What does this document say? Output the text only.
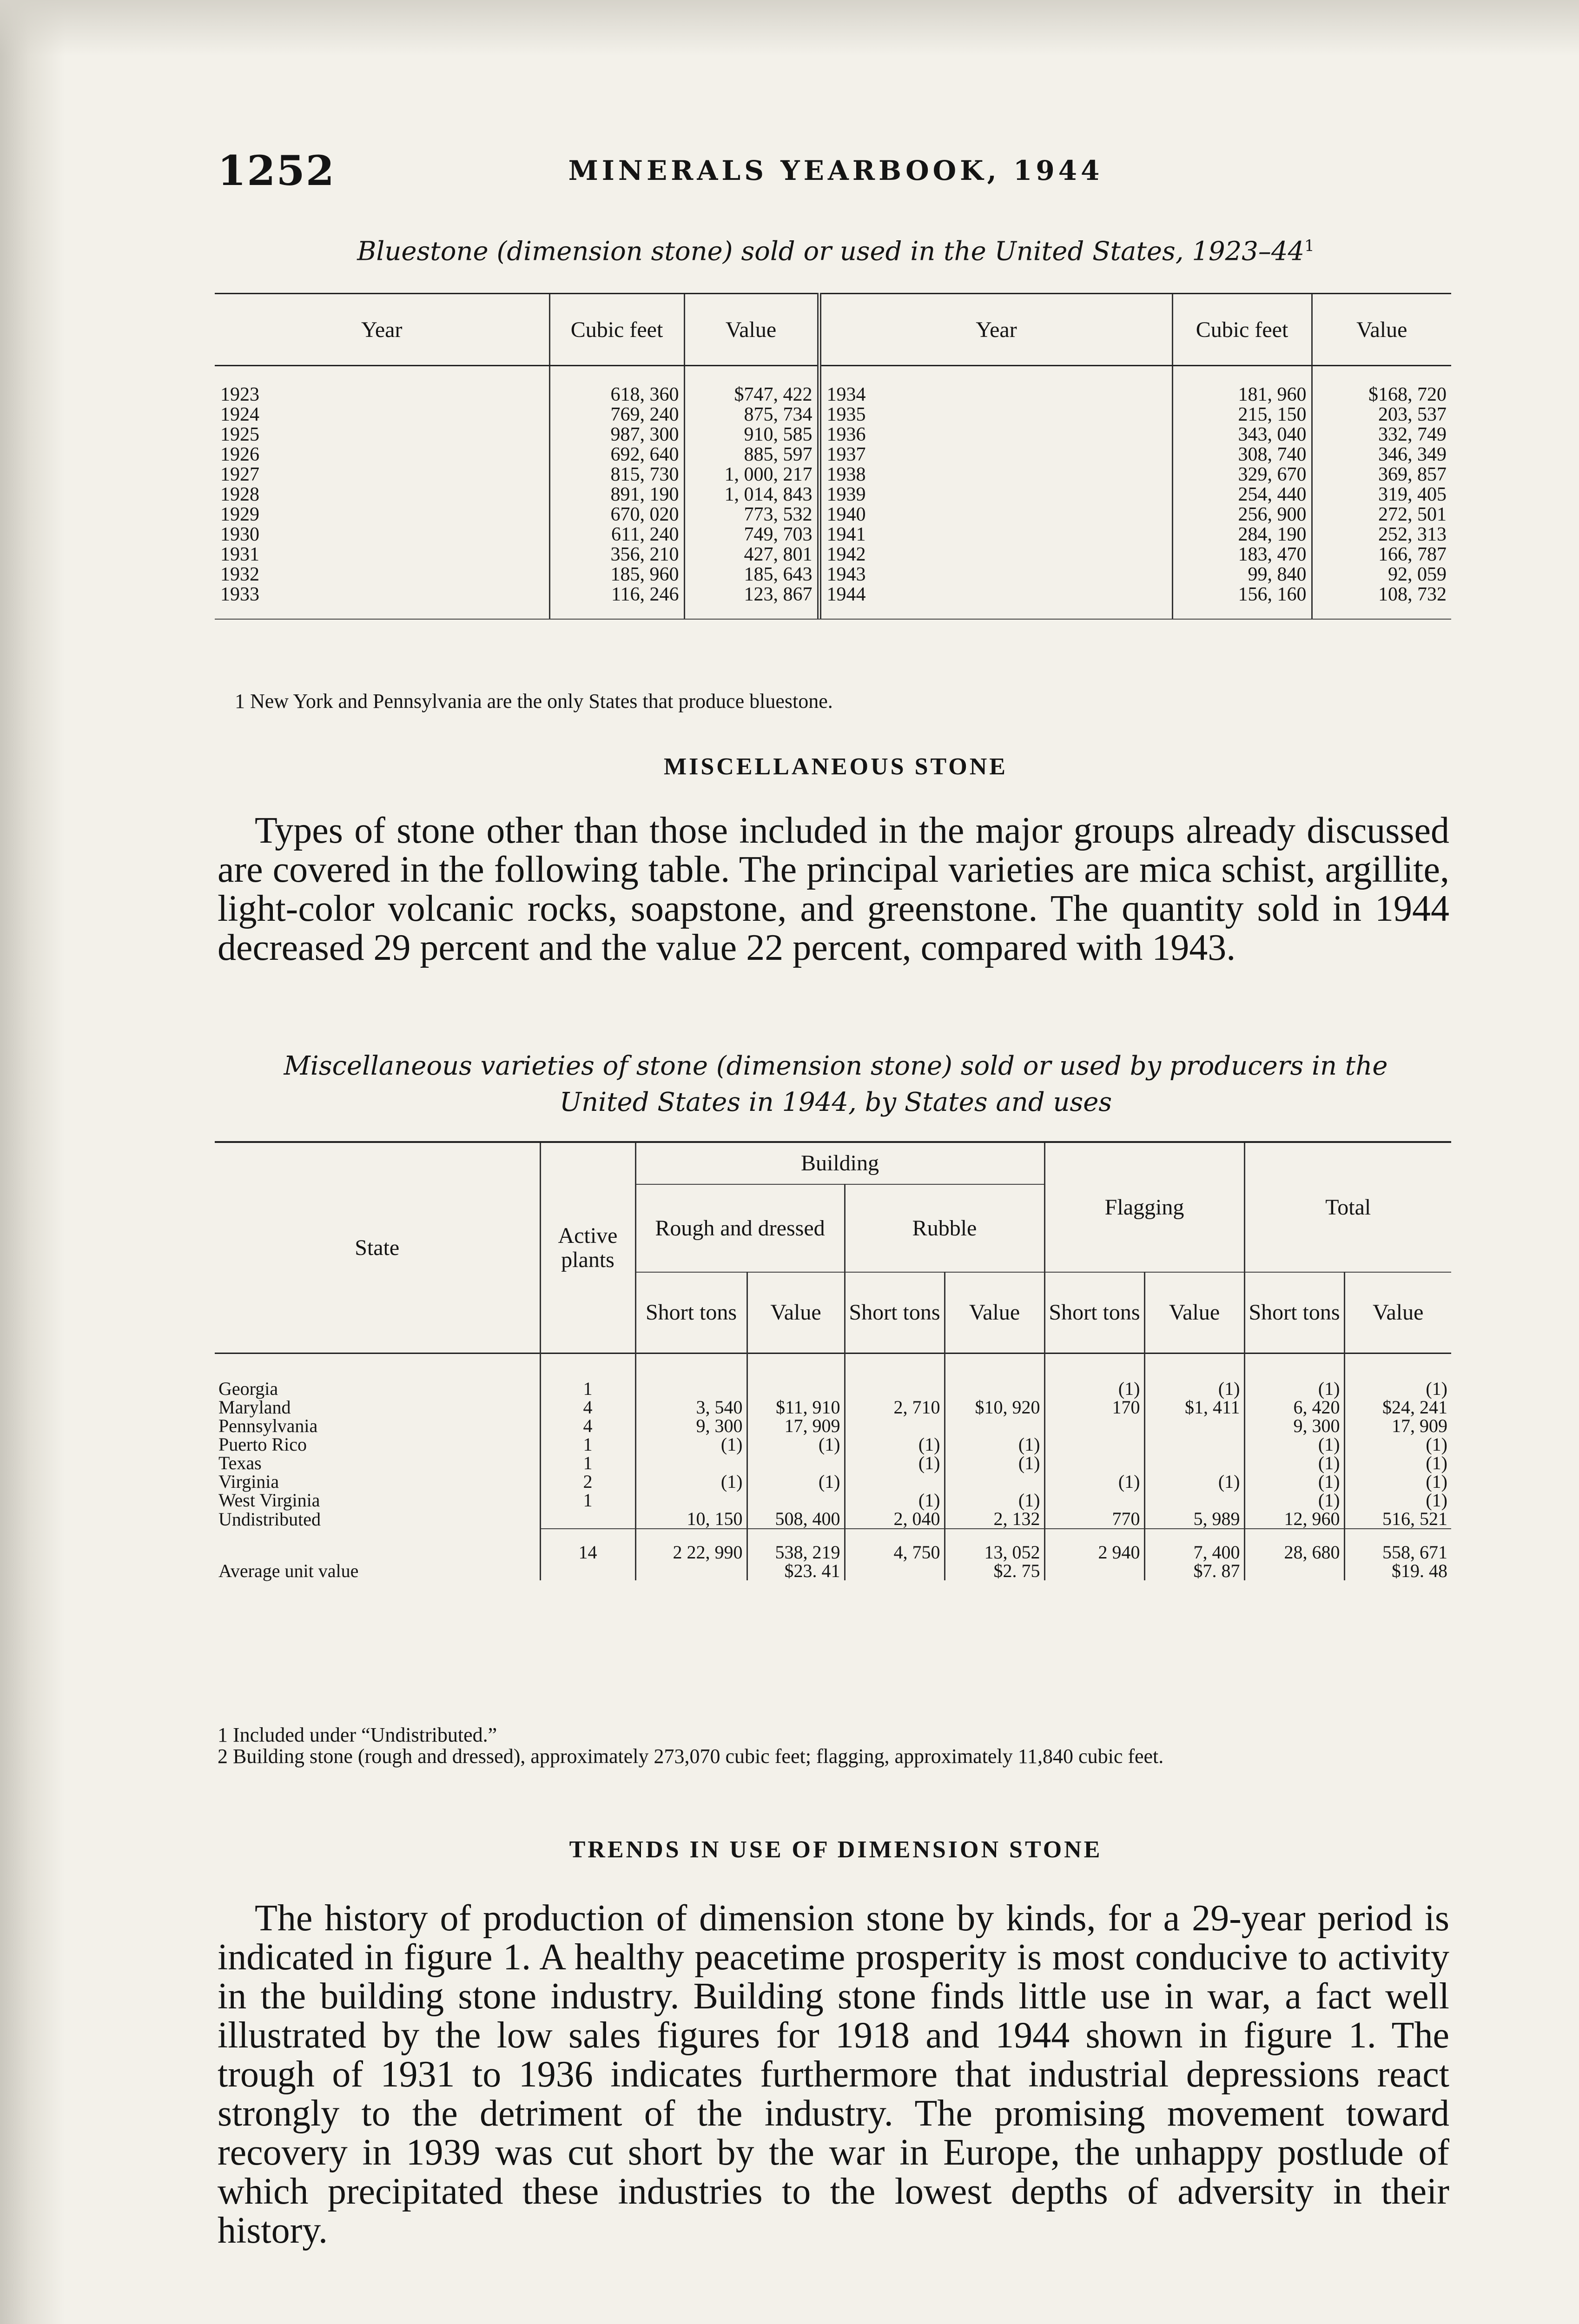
1252	MINERALS YEARBOOK, 1944
Bluestone (dimension stone) sold or used in the United States, $1923-44^1$
Year	Cubic feet	Value	Year	Cubic feet	Value
1923	618, 360	$747, 422	1934	181, 960	$168, 720
1924	769, 240	875, 734	1935	215, 150	203, 537
1925	987, 300	910, 585	1936	343, 040	332, 749
1926	692, 640	885, 597	1937	308, 740	346, 349
1927	815, 730	1, 000, 217	1938	329, 670	369, 857
1928	891, 190	1, 014, 843	1939	254, 440	319, 405
1929	670, 020	773, 532	1940	256, 900	272, 501
1930	611, 240	749, 703	1941	284, 190	252, 313
1931	356, 210	427, 801	1942	183, 470	166, 787
1932	185, 960	185, 643	1943	99, 840	92, 059
1933	116, 246	123, 867	1944	156, 160	108, 732
1 New York and Pennsylvania are the only States that produce bluestone.
MISCELLANEOUS STONE

Types of stone other than those included in the major groups already discussed are covered in the following table. The principal varieties are mica schist, argillite, light-color volcanic rocks, soapstone, and greenstone. The quantity sold in 1944 decreased 29 percent and the value 22 percent, compared with 1943.

Miscellaneous varieties of stone (dimension stone) sold or used by producers in the
United States in 1944, by States and uses
State	Active plants	Building				Flagging		Total	
		Rough and dressed		Rubble					
		Short tons	Value	Short tons	Value	Short tons	Value	Short tons	Value
Georgia	1					(1)	(1)	(1)	(1)
Maryland	4	3, 540	$11, 910	2, 710	$10, 920	170	$1, 411	6, 420	$24, 241
Pennsylvania	4	9, 300	17, 909					9, 300	17, 909
Puerto Rico	1	(1)	(1)	(1)	(1)			(1)	(1)
Texas	1			(1)	(1)			(1)	(1)
Virginia	2	(1)	(1)			(1)	(1)	(1)	(1)
West Virginia	1			(1)	(1)			(1)	(1)
Undistributed		10, 150	508, 400	2, 040	2, 132	770	5, 989	12, 960	516, 521
	14	2 22, 990	538, 219	4, 750	13, 052	2 940	7, 400	28, 680	558, 671
Average unit value			$23. 41		$2. 75		$7. 87		$19. 48
1 Included under “Undistributed.”
2 Building stone (rough and dressed), approximately 273,070 cubic feet; flagging, approximately 11,840 cubic feet.
TRENDS IN USE OF DIMENSION STONE

The history of production of dimension stone by kinds, for a 29-year period is indicated in figure 1. A healthy peacetime prosperity is most conducive to activity in the building stone industry. Building stone finds little use in war, a fact well illustrated by the low sales figures for 1918 and 1944 shown in figure 1. The trough of 1931 to 1936 indicates furthermore that industrial depressions react strongly to the detriment of the industry. The promising movement toward recovery in 1939 was cut short by the war in Europe, the unhappy postlude of which precipitated these industries to the lowest depths of adversity in their history.
